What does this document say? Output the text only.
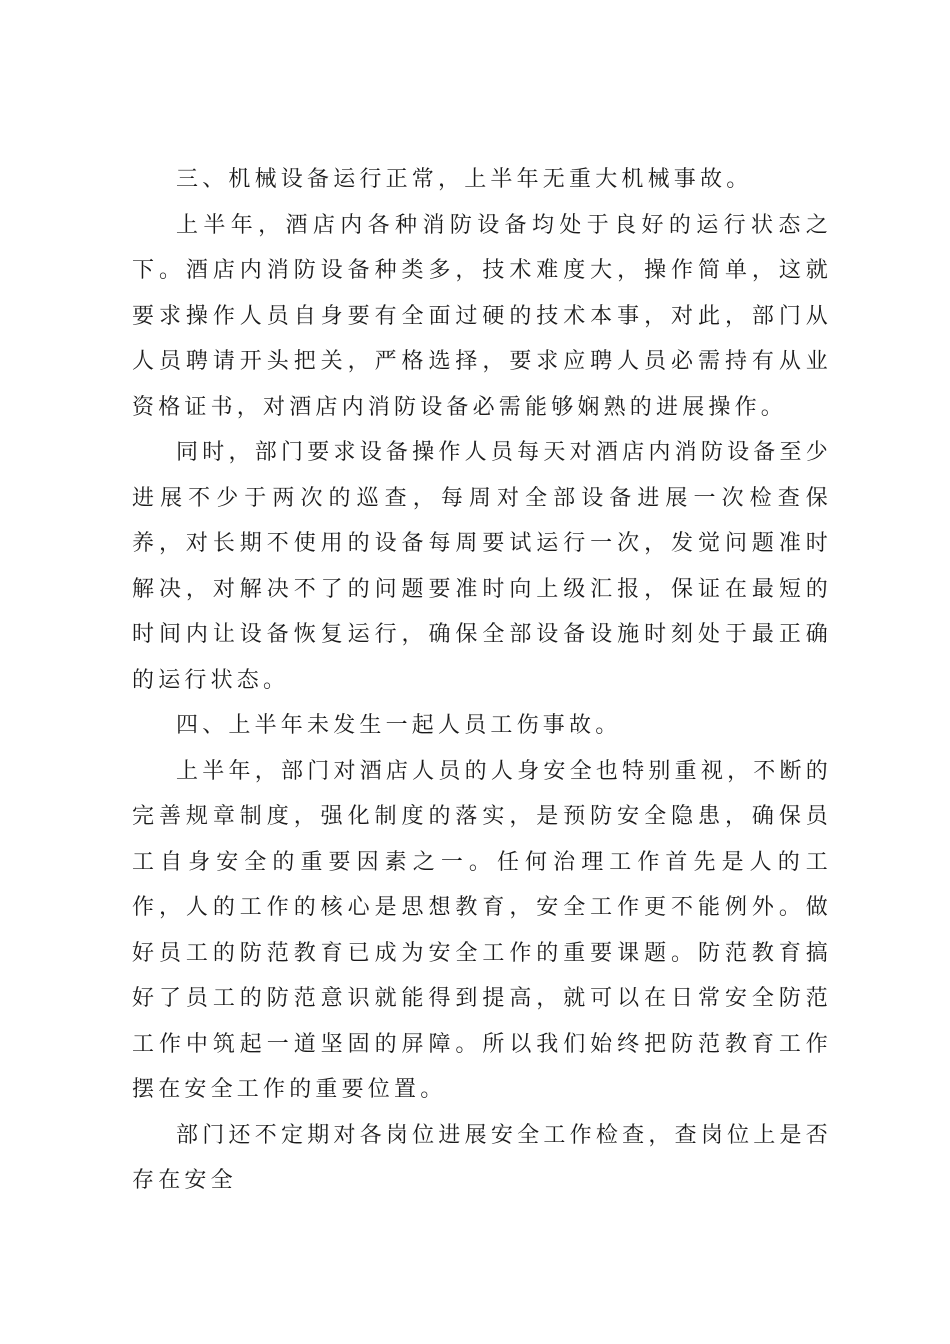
三、机械设备运行正常，上半年无重大机械事故。

上半年，酒店内各种消防设备均处于良好的运行状态之下。酒店内消防设备种类多，技术难度大，操作简单，这就要求操作人员自身要有全面过硬的技术本事，对此，部门从人员聘请开头把关，严格选择，要求应聘人员必需持有从业资格证书，对酒店内消防设备必需能够娴熟的进展操作。

同时，部门要求设备操作人员每天对酒店内消防设备至少进展不少于两次的巡查，每周对全部设备进展一次检查保养，对长期不使用的设备每周要试运行一次，发觉问题准时解决，对解决不了的问题要准时向上级汇报，保证在最短的时间内让设备恢复运行，确保全部设备设施时刻处于最正确的运行状态。

四、上半年未发生一起人员工伤事故。

上半年，部门对酒店人员的人身安全也特别重视，不断的完善规章制度，强化制度的落实，是预防安全隐患，确保员工自身安全的重要因素之一。任何治理工作首先是人的工作，人的工作的核心是思想教育，安全工作更不能例外。做好员工的防范教育已成为安全工作的重要课题。防范教育搞好了员工的防范意识就能得到提高，就可以在日常安全防范工作中筑起一道坚固的屏障。所以我们始终把防范教育工作摆在安全工作的重要位置。

部门还不定期对各岗位进展安全工作检查，查岗位上是否存在安全
